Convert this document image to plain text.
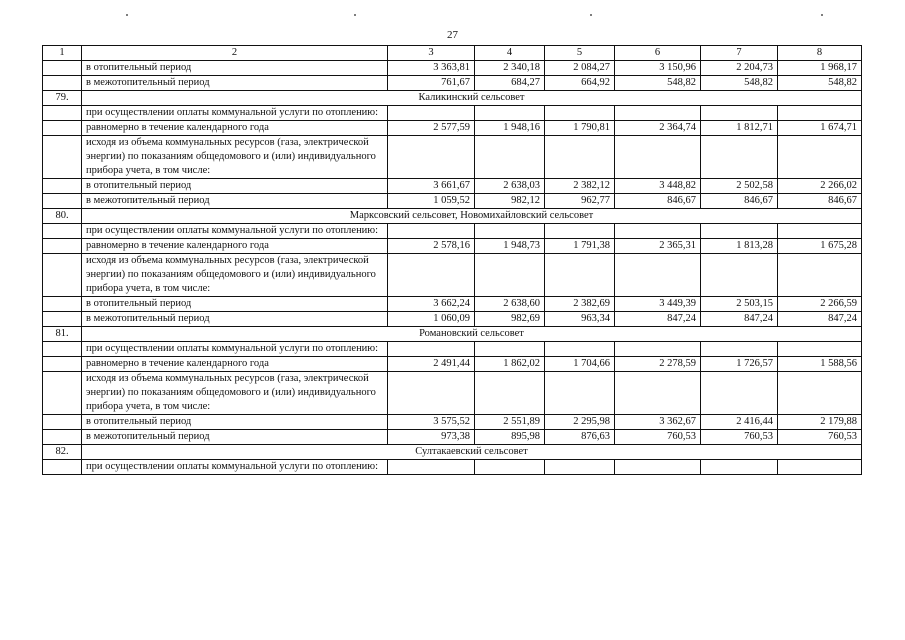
27
1	2	3	4	5	6	7	8
	в отопительный период	3 363,81	2 340,18	2 084,27	3 150,96	2 204,73	1 968,17
	в межотопительный период	761,67	684,27	664,92	548,82	548,82	548,82
79.	Каликинский сельсовет						
	при осуществлении оплаты коммунальной услуги по отоплению:						
	равномерно в течение календарного года	2 577,59	1 948,16	1 790,81	2 364,74	1 812,71	1 674,71
	исходя из объема коммунальных ресурсов (газа, электрической энергии) по показаниям общедомового и (или) индивидуального прибора учета, в том числе:						
	в отопительный период	3 661,67	2 638,03	2 382,12	3 448,82	2 502,58	2 266,02
	в межотопительный период	1 059,52	982,12	962,77	846,67	846,67	846,67
80.	Марксовский сельсовет, Новомихайловский сельсовет						
	при осуществлении оплаты коммунальной услуги по отоплению:						
	равномерно в течение календарного года	2 578,16	1 948,73	1 791,38	2 365,31	1 813,28	1 675,28
	исходя из объема коммунальных ресурсов (газа, электрической энергии) по показаниям общедомового и (или) индивидуального прибора учета, в том числе:						
	в отопительный период	3 662,24	2 638,60	2 382,69	3 449,39	2 503,15	2 266,59
	в межотопительный период	1 060,09	982,69	963,34	847,24	847,24	847,24
81.	Романовский сельсовет						
	при осуществлении оплаты коммунальной услуги по отоплению:						
	равномерно в течение календарного года	2 491,44	1 862,02	1 704,66	2 278,59	1 726,57	1 588,56
	исходя из объема коммунальных ресурсов (газа, электрической энергии) по показаниям общедомового и (или) индивидуального прибора учета, в том числе:						
	в отопительный период	3 575,52	2 551,89	2 295,98	3 362,67	2 416,44	2 179,88
	в межотопительный период	973,38	895,98	876,63	760,53	760,53	760,53
82.	Султакаевский сельсовет						
	при осуществлении оплаты коммунальной услуги по отоплению:						
